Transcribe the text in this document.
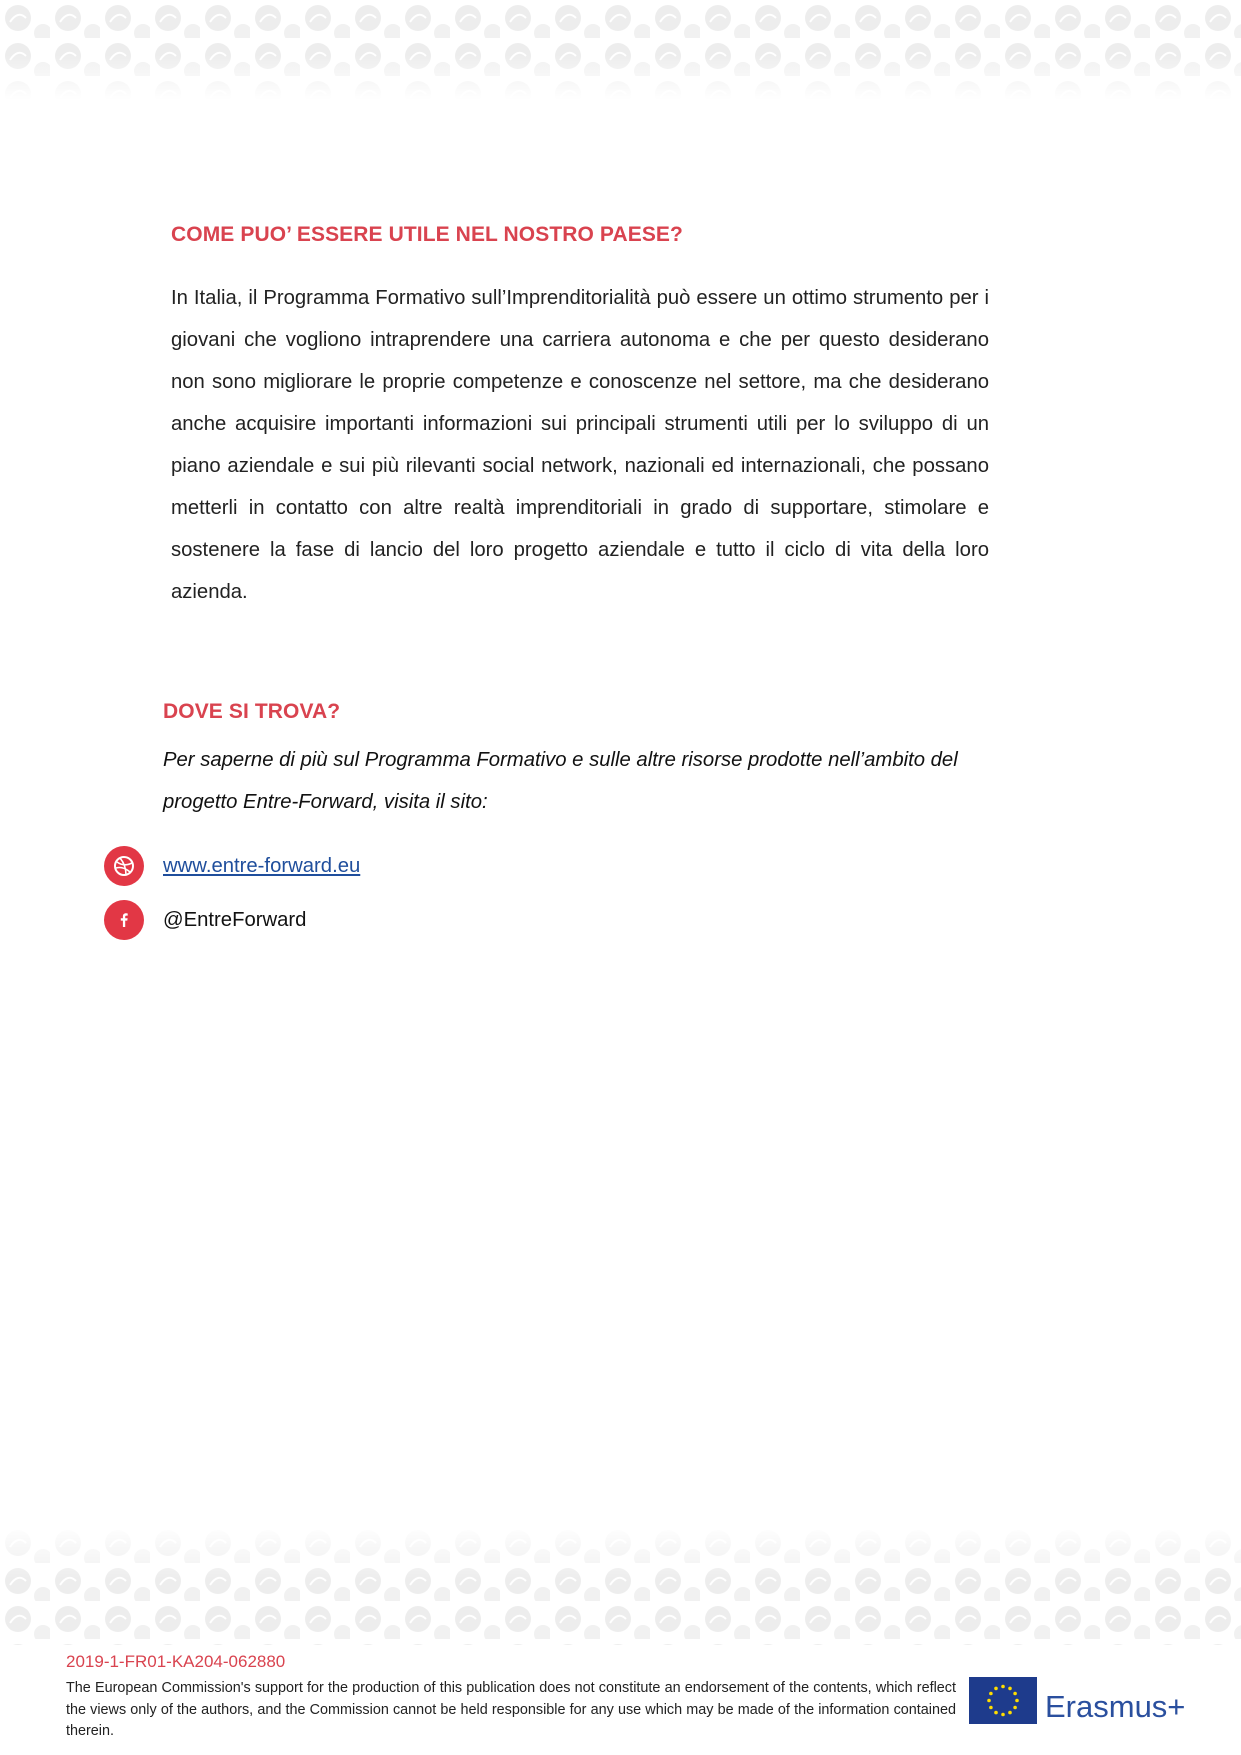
COME PUO’ ESSERE UTILE NEL NOSTRO PAESE?

In Italia, il Programma Formativo sull’Imprenditorialità può essere un ottimo strumento per i giovani che vogliono intraprendere una carriera autonoma e che per questo desiderano non sono migliorare le proprie competenze e conoscenze nel settore, ma che desiderano anche acquisire importanti informazioni sui principali strumenti utili per lo sviluppo di un piano aziendale e sui più rilevanti social network, nazionali ed internazionali, che possano metterli in contatto con altre realtà imprenditoriali in grado di supportare, stimolare e sostenere la fase di lancio del loro progetto aziendale e tutto il ciclo di vita della loro azienda.

DOVE SI TROVA?

Per saperne di più sul Programma Formativo e sulle altre risorse prodotte nell’ambito del progetto Entre-Forward, visita il sito:

www.entre-forward.eu
@EntreForward

2019-1-FR01-KA204-062880

The European Commission's support for the production of this publication does not constitute an endorsement of the contents, which reflect the views only of the authors, and the Commission cannot be held responsible for any use which may be made of the information contained therein.

Erasmus+
